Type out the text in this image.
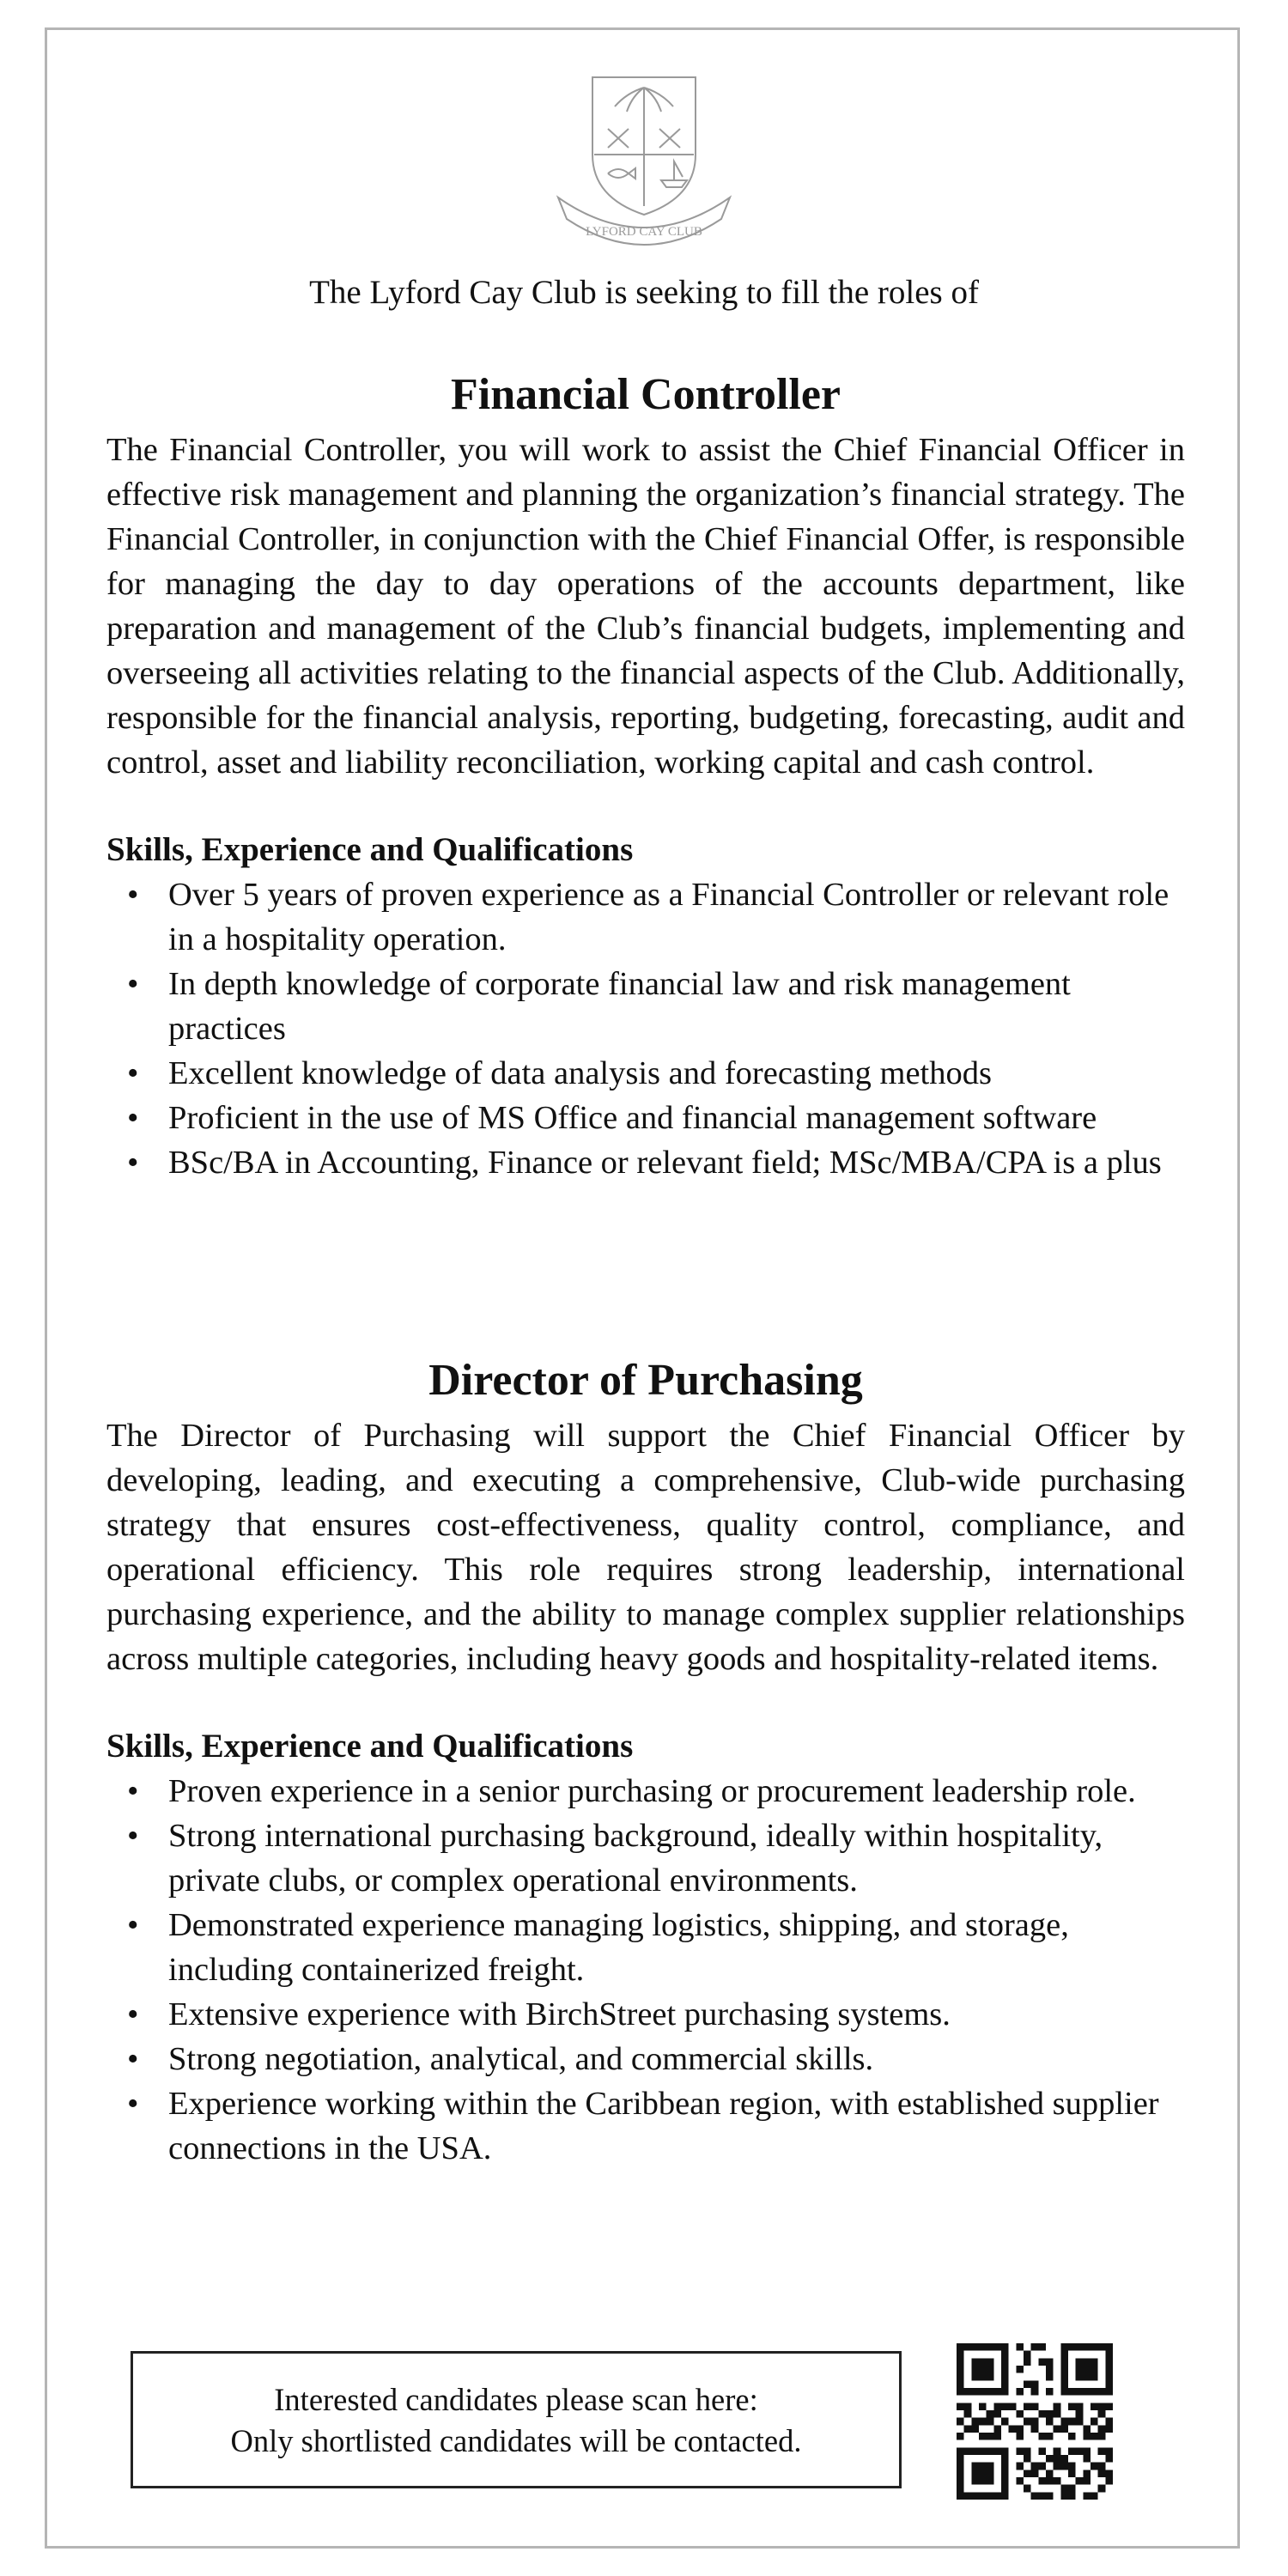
LYFORD CAY CLUB
The Lyford Cay Club is seeking to fill the roles of
Financial Controller

The Financial Controller, you will work to assist the Chief Financial Officer in effective risk management and planning the organization’s financial strategy. The Financial Controller, in conjunction with the Chief Financial Offer, is responsible for managing the day to day operations of the accounts department, like preparation and management of the Club’s financial budgets, implementing and overseeing all activities relating to the financial aspects of the Club. Additionally, responsible for the financial analysis, reporting, budgeting, forecasting, audit and control, asset and liability reconciliation, working capital and cash control.

Skills, Experience and Qualifications
• Over 5 years of proven experience as a Financial Controller or relevant role in a hospitality operation.
• In depth knowledge of corporate financial law and risk management practices
• Excellent knowledge of data analysis and forecasting methods
• Proficient in the use of MS Office and financial management software
• BSc/BA in Accounting, Finance or relevant field; MSc/MBA/CPA is a plus
Director of Purchasing

The Director of Purchasing will support the Chief Financial Officer by developing, leading, and executing a comprehensive, Club-wide purchasing strategy that ensures cost-effectiveness, quality control, compliance, and operational efficiency. This role requires strong leadership, international purchasing experience, and the ability to manage complex supplier relationships across multiple categories, including heavy goods and hospitality-related items.

Skills, Experience and Qualifications
• Proven experience in a senior purchasing or procurement leadership role.
• Strong international purchasing background, ideally within hospitality, private clubs, or complex operational environments.
• Demonstrated experience managing logistics, shipping, and storage, including containerized freight.
• Extensive experience with BirchStreet purchasing systems.
• Strong negotiation, analytical, and commercial skills.
• Experience working within the Caribbean region, with established supplier connections in the USA.
Interested candidates please scan here:
Only shortlisted candidates will be contacted.
